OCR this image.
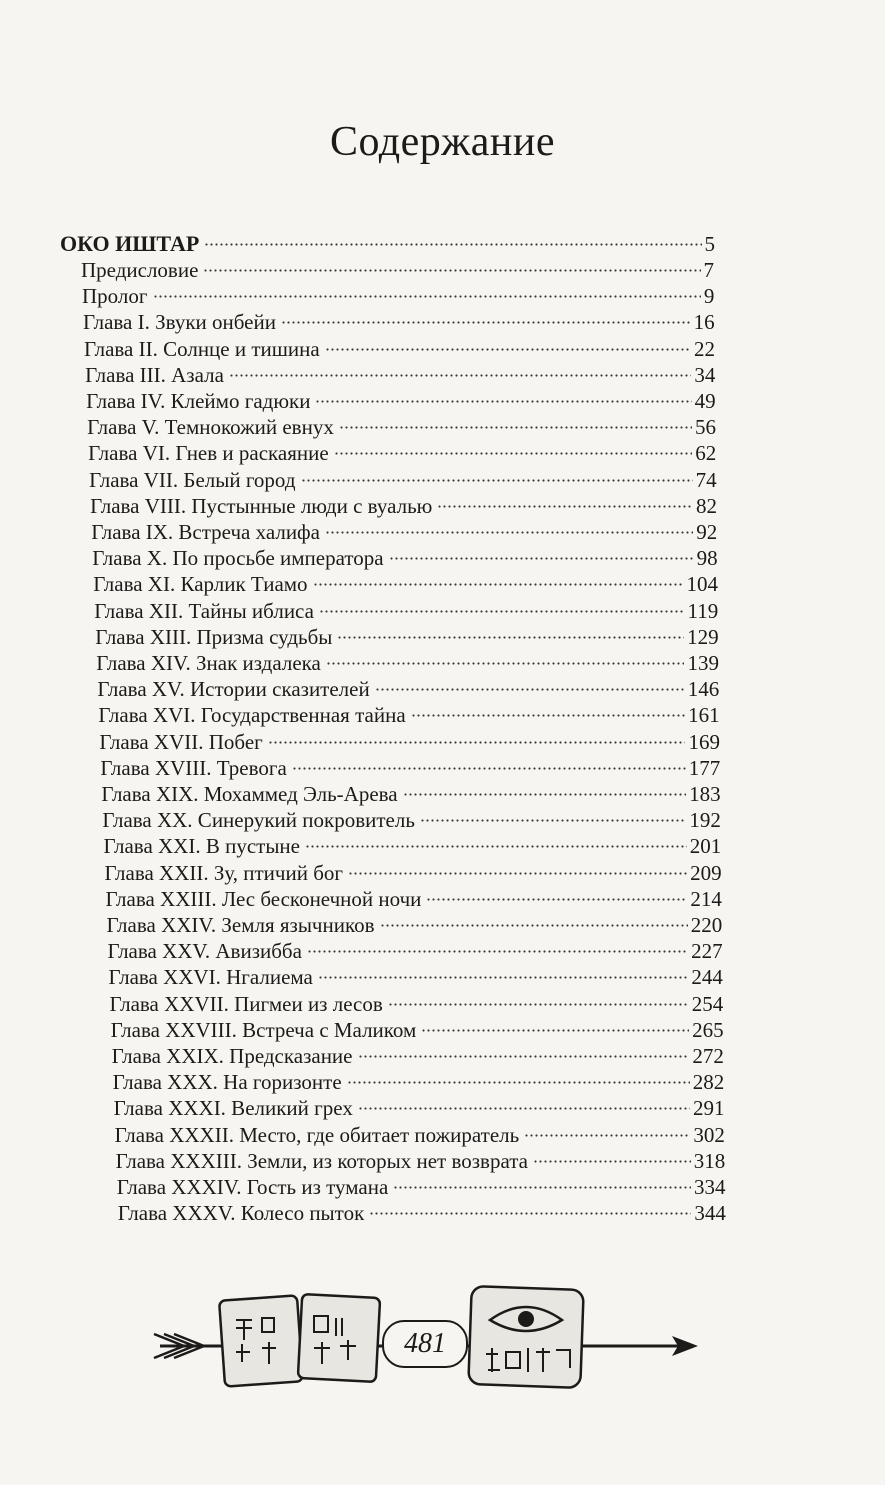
Содержание
ОКО ИШТАР	5
Предисловие	7
Пролог	9
Глава I. Звуки онбейи	16
Глава II. Солнце и тишина	22
Глава III. Азала	34
Глава IV. Клеймо гадюки	49
Глава V. Темнокожий евнух	56
Глава VI. Гнев и раскаяние	62
Глава VII. Белый город	74
Глава VIII. Пустынные люди с вуалью	82
Глава IX. Встреча халифа	92
Глава X. По просьбе императора	98
Глава XI. Карлик Тиамо	104
Глава XII. Тайны иблиса	119
Глава XIII. Призма судьбы	129
Глава XIV. Знак издалека	139
Глава XV. Истории сказителей	146
Глава XVI. Государственная тайна	161
Глава XVII. Побег	169
Глава XVIII. Тревога	177
Глава XIX. Мохаммед Эль-Арева	183
Глава XX. Синерукий покровитель	192
Глава XXI. В пустыне	201
Глава XXII. Зу, птичий бог	209
Глава XXIII. Лес бесконечной ночи	214
Глава XXIV. Земля язычников	220
Глава XXV. Авизибба	227
Глава XXVI. Нгалиема	244
Глава XXVII. Пигмеи из лесов	254
Глава XXVIII. Встреча с Маликом	265
Глава XXIX. Предсказание	272
Глава XXX. На горизонте	282
Глава XXXI. Великий грех	291
Глава XXXII. Место, где обитает пожиратель	302
Глава XXXIII. Земли, из которых нет возврата	318
Глава XXXIV. Гость из тумана	334
Глава XXXV. Колесо пыток	344
481
